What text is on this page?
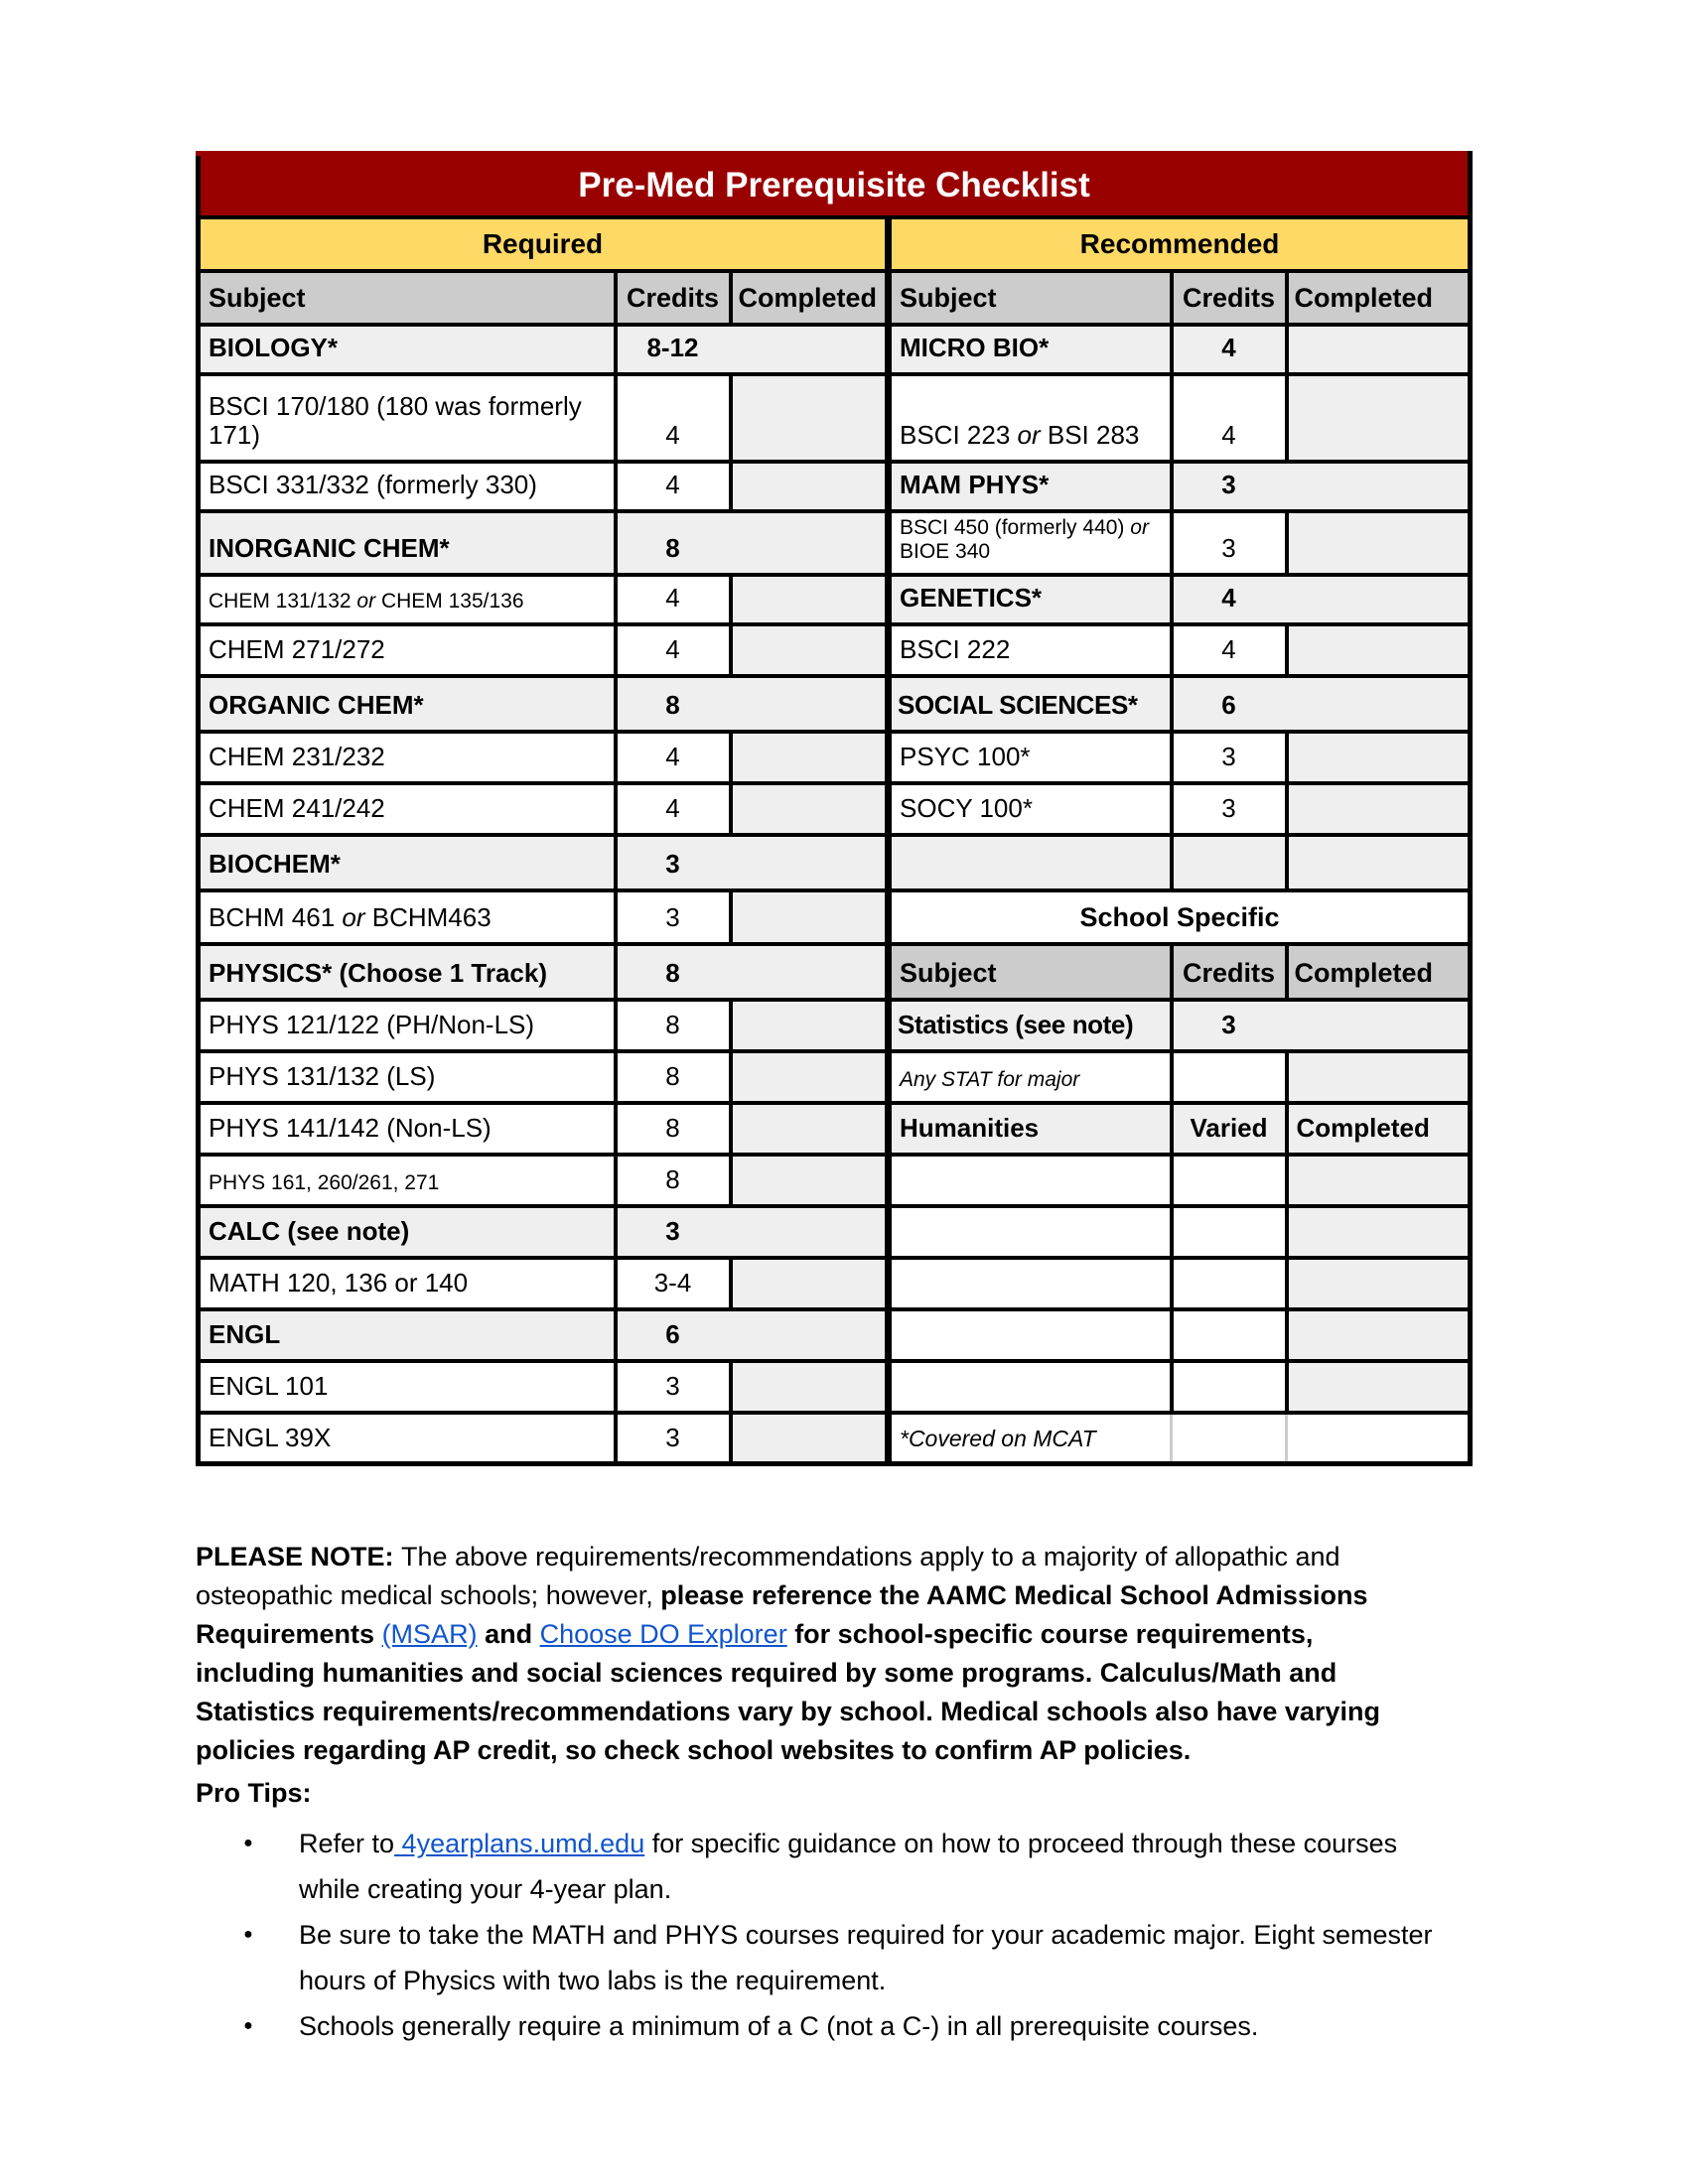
Pre-Med Prerequisite Checklist					
Required			Recommended		
Subject	Credits	Completed	Subject	Credits	Completed
BIOLOGY*	8-12		MICRO BIO*	4	
BSCI 170/180 (180 was formerly 171)	4		BSCI 223 or BSI 283	4	
BSCI 331/332 (formerly 330)	4		MAM PHYS*	3	
INORGANIC CHEM*	8		BSCI 450 (formerly 440) or BIOE 340	3	
CHEM 131/132 or CHEM 135/136	4		GENETICS*	4	
CHEM 271/272	4		BSCI 222	4	
ORGANIC CHEM*	8		SOCIAL SCIENCES*	6	
CHEM 231/232	4		PSYC 100*	3	
CHEM 241/242	4		SOCY 100*	3	
BIOCHEM*	3				
BCHM 461 or BCHM463	3		School Specific		
PHYSICS* (Choose 1 Track)	8		Subject	Credits	Completed
PHYS 121/122 (PH/Non-LS)	8		Statistics (see note)	3	
PHYS 131/132 (LS)	8		Any STAT for major		
PHYS 141/142 (Non-LS)	8		Humanities	Varied	Completed
PHYS 161, 260/261, 271	8				
CALC (see note)	3				
MATH 120, 136 or 140	3-4				
ENGL	6				
ENGL 101	3				
ENGL 39X	3		*Covered on MCAT		

PLEASE NOTE: The above requirements/recommendations apply to a majority of allopathic and osteopathic medical schools; however, please reference the AAMC Medical School Admissions Requirements (MSAR) and Choose DO Explorer for school-specific course requirements, including humanities and social sciences required by some programs. Calculus/Math and Statistics requirements/recommendations vary by school. Medical schools also have varying policies regarding AP credit, so check school websites to confirm AP policies.

Pro Tips:

● Refer to 4yearplans.umd.edu for specific guidance on how to proceed through these courses while creating your 4-year plan.
● Be sure to take the MATH and PHYS courses required for your academic major. Eight semester hours of Physics with two labs is the requirement.
● Schools generally require a minimum of a C (not a C-) in all prerequisite courses.
